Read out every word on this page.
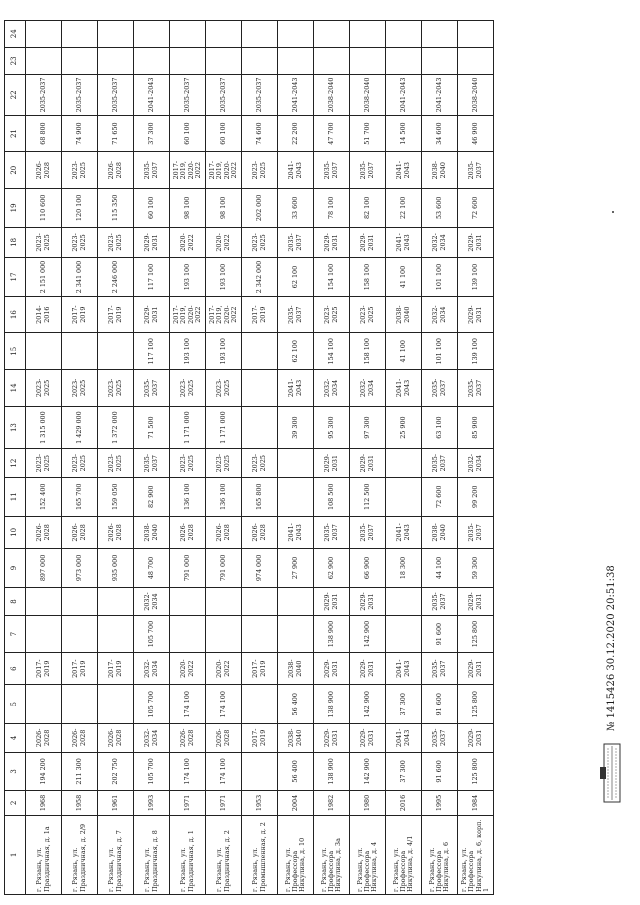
1	2	3	4	5	6	7	8	9	10	11	12	13	14	15	16	17	18	19	20	21	22	23	24
г. Рязань, ул. Праздничная, д. 1а	1968	194 200	2026-2028		2017-2019			897 000	2026-2028	152 400	2023-2025	1 315 000	2023-2025		2014-2016	2 151 000	2023-2025	110 600	2026-2028	68 800	2035-2037		
г. Рязань, ул. Праздничная, д. 2/9	1958	211 300	2026-2028		2017-2019			973 000	2026-2028	165 700	2023-2025	1 429 000	2023-2025		2017-2019	2 341 000	2023-2025	120 100	2023-2025	74 900	2035-2037		
г. Рязань, ул. Праздничная, д. 7	1961	202 750	2026-2028		2017-2019			935 000	2026-2028	159 050	2023-2025	1 372 000	2023-2025		2017-2019	2 246 000	2023-2025	115 350	2026-2028	71 650	2035-2037		
г. Рязань, ул. Праздничная, д. 8	1993	105 700	2032-2034	105 700	2032-2034	105 700	2032-2034	48 700	2038-2040	82 900	2035-2037	71 500	2035-2037	117 100	2029-2031	117 100	2029-2031	60 100	2035-2037	37 300	2041-2043		
г. Рязань, ул. Праздничная, д. 1	1971	174 100	2026-2028	174 100	2020-2022			791 000	2026-2028	136 100	2023-2025	1 171 000	2023-2025	193 100	2017-2019, 2020-2022	193 100	2020-2022	98 100	2017-2019, 2020-2022	60 100	2035-2037		
г. Рязань, ул. Праздничная, д. 2	1971	174 100	2026-2028	174 100	2020-2022			791 000	2026-2028	136 100	2023-2025	1 171 000	2023-2025	193 100	2017-2019, 2020-2022	193 100	2020-2022	98 100	2017-2019, 2020-2022	60 100	2035-2037		
г. Рязань, ул. Промышленная, д. 2	1953		2017-2019		2017-2019			974 000	2026-2028	165 800	2023-2025				2017-2019	2 342 000	2023-2025	202 000	2023-2025	74 600	2035-2037		
г. Рязань, ул. Профессора Никулина, д. 10	2004	56 400	2038-2040	56 400	2038-2040			27 900	2041-2043			39 300	2041-2043	62 100	2035-2037	62 100	2035-2037	33 600	2041-2043	22 200	2041-2043		
г. Рязань, ул. Профессора Никулина, д. 3а	1982	138 900	2029-2031	138 900	2029-2031	138 900	2029-2031	62 900	2035-2037	108 500	2029-2031	95 300	2032-2034	154 100	2023-2025	154 100	2029-2031	78 100	2035-2037	47 700	2038-2040		
г. Рязань, ул. Профессора Никулина, д. 4	1980	142 900	2029-2031	142 900	2029-2031	142 900	2029-2031	66 900	2035-2037	112 500	2029-2031	97 300	2032-2034	158 100	2023-2025	158 100	2029-2031	82 100	2035-2037	51 700	2038-2040		
г. Рязань, ул. Профессора Никулина, д. 4/1	2016	37 300	2041-2043	37 300	2041-2043			18 300	2041-2043			25 900	2041-2043	41 100	2038-2040	41 100	2041-2043	22 100	2041-2043	14 500	2041-2043		
г. Рязань, ул. Профессора Никулина, д. 6	1995	91 600	2035-2037	91 600	2035-2037	91 600	2035-2037	44 100	2038-2040	72 600	2035-2037	63 100	2035-2037	101 100	2032-2034	101 100	2032-2034	53 600	2038-2040	34 600	2041-2043		
г. Рязань, ул. Профессора Никулина, д. 6, корп. 1	1984	125 800	2029-2031	125 800	2029-2031	125 800	2029-2031	59 300	2035-2037	99 200	2032-2034	85 900	2035-2037	139 100	2029-2031	139 100	2029-2031	72 600	2035-2037	46 900	2038-2040		
№ 1415426 30.12.2020 20:51:38
